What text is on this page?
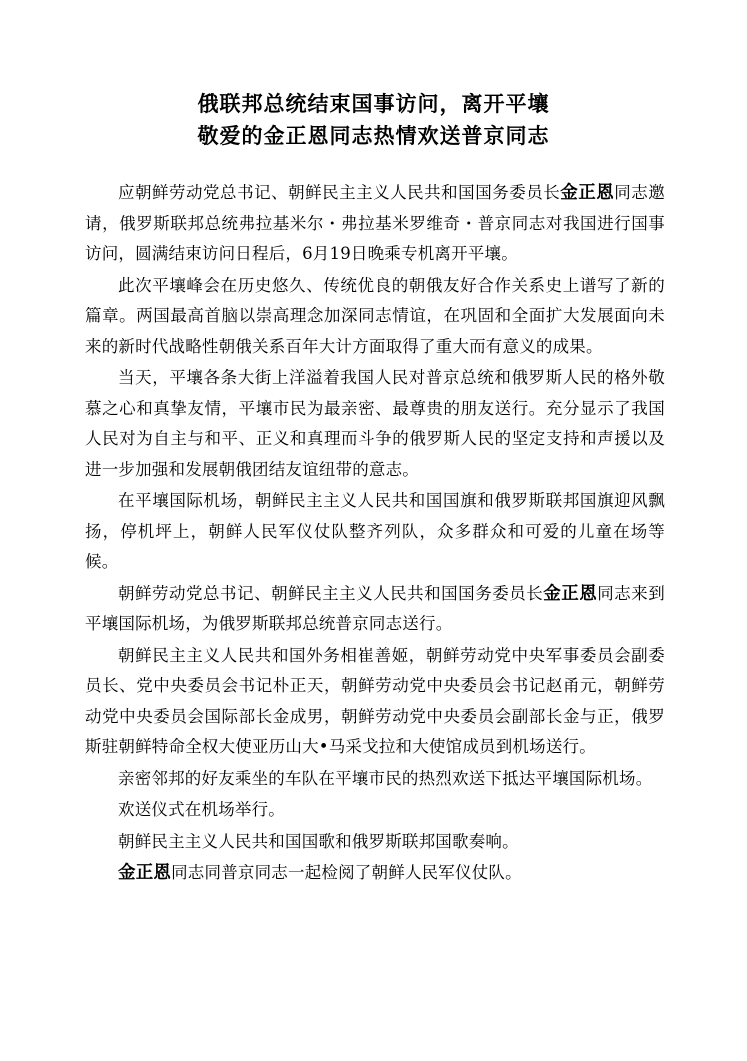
俄联邦总统结束国事访问，离开平壤

敬爱的金正恩同志热情欢送普京同志

应朝鲜劳动党总书记、朝鲜民主主义人民共和国国务委员长金正恩同志邀请，俄罗斯联邦总统弗拉基米尔・弗拉基米罗维奇・普京同志对我国进行国事访问，圆满结束访问日程后，6月19日晚乘专机离开平壤。

此次平壤峰会在历史悠久、传统优良的朝俄友好合作关系史上谱写了新的篇章。两国最高首脑以崇高理念加深同志情谊，在巩固和全面扩大发展面向未来的新时代战略性朝俄关系百年大计方面取得了重大而有意义的成果。

当天，平壤各条大街上洋溢着我国人民对普京总统和俄罗斯人民的格外敬慕之心和真挚友情，平壤市民为最亲密、最尊贵的朋友送行。充分显示了我国人民对为自主与和平、正义和真理而斗争的俄罗斯人民的坚定支持和声援以及进一步加强和发展朝俄团结友谊纽带的意志。

在平壤国际机场，朝鲜民主主义人民共和国国旗和俄罗斯联邦国旗迎风飘扬，停机坪上，朝鲜人民军仪仗队整齐列队，众多群众和可爱的儿童在场等候。

朝鲜劳动党总书记、朝鲜民主主义人民共和国国务委员长金正恩同志来到平壤国际机场，为俄罗斯联邦总统普京同志送行。

朝鲜民主主义人民共和国外务相崔善姬，朝鲜劳动党中央军事委员会副委员长、党中央委员会书记朴正天，朝鲜劳动党中央委员会书记赵甬元，朝鲜劳动党中央委员会国际部长金成男，朝鲜劳动党中央委员会副部长金与正，俄罗斯驻朝鲜特命全权大使亚历山大•马采戈拉和大使馆成员到机场送行。

亲密邻邦的好友乘坐的车队在平壤市民的热烈欢送下抵达平壤国际机场。

欢送仪式在机场举行。

朝鲜民主主义人民共和国国歌和俄罗斯联邦国歌奏响。

金正恩同志同普京同志一起检阅了朝鲜人民军仪仗队。
